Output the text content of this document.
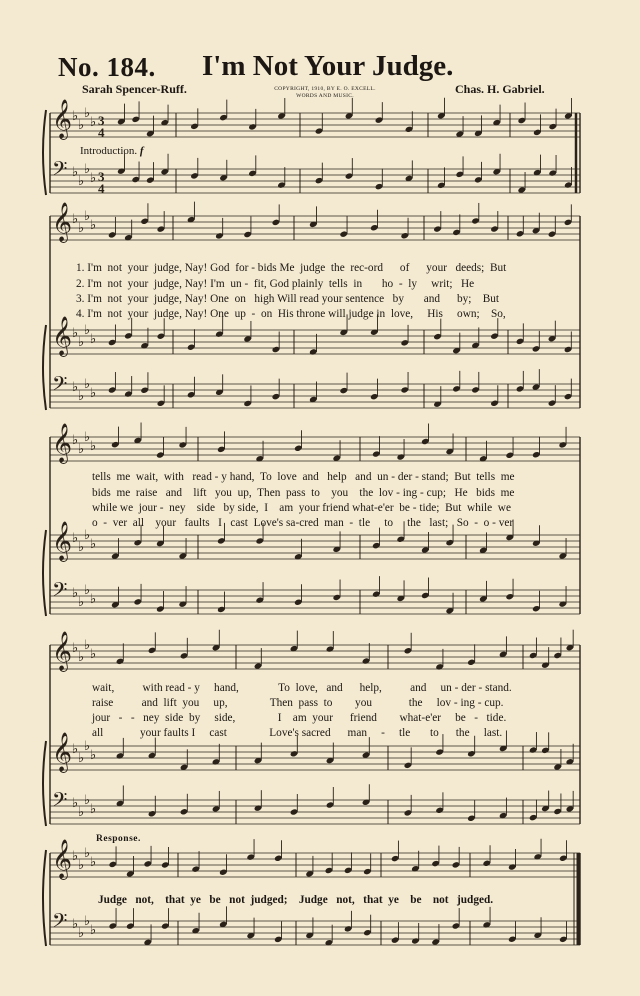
No. 184. I'm Not Your Judge.
Sarah Spencer-Ruff.	COPYRIGHT, 1910, BY E. O. EXCELL.
WORDS AND MUSIC.	Chas. H. Gabriel.
Introduction. f
𝄞 ♭
♭
♭
♭ 3
4
𝄢 ♭
♭
♭
♭ 3
4
𝄞 ♭
♭
♭
♭
𝄞 ♭
♭
♭
♭
𝄢 ♭
♭
♭
♭
𝄞 ♭
♭
♭
♭
𝄞 ♭
♭
♭
♭
𝄢 ♭
♭
♭
♭
𝄞 ♭
♭
♭
♭
𝄞 ♭
♭
♭
♭
𝄢 ♭
♭
♭
♭
𝄞 ♭
♭
♭
♭
𝄢 ♭
♭
♭
♭
1. I'm  not  your  judge, Nay! God  for - bids Me  judge  the  rec-ord      of      your   deeds;  But
2. I'm  not  your  judge, Nay! I'm  un -  fit, God plainly  tells  in       ho  -  ly     writ;   He
3. I'm  not  your  judge, Nay! One  on   high Will read your sentence   by       and      by;    But
4. I'm  not  your  judge, Nay! One  up  -  on  His throne will judge in  love,     His     own;    So,
tells  me  wait,  with   read - y hand,  To  love  and   help   and  un - der - stand;  But  tells  me
bids  me  raise   and    lift   you  up,  Then  pass  to    you    the  lov - ing - cup;   He   bids  me
while we  jour -  ney    side   by side,  I    am  your friend what-e'er  be - tide;  But  while  we
o  -  ver  all    your   faults   I   cast  Love's sa-cred  man  -  tle     to     the   last;   So  -  o - ver
wait,          with read - y     hand,              To  love,   and      help,          and     un - der - stand.
raise          and  lift  you     up,               Then  pass  to        you             the     lov - ing - cup.
jour   -   -   ney  side  by     side,               I    am  your      friend        what-e'er     be   -   tide.
all             your faults I     cast               Love's sacred      man     -     tle       to      the     last.
Response.
Judge   not,    that  ye   be   not  judged;    Judge   not,   that  ye    be    not   judged.
